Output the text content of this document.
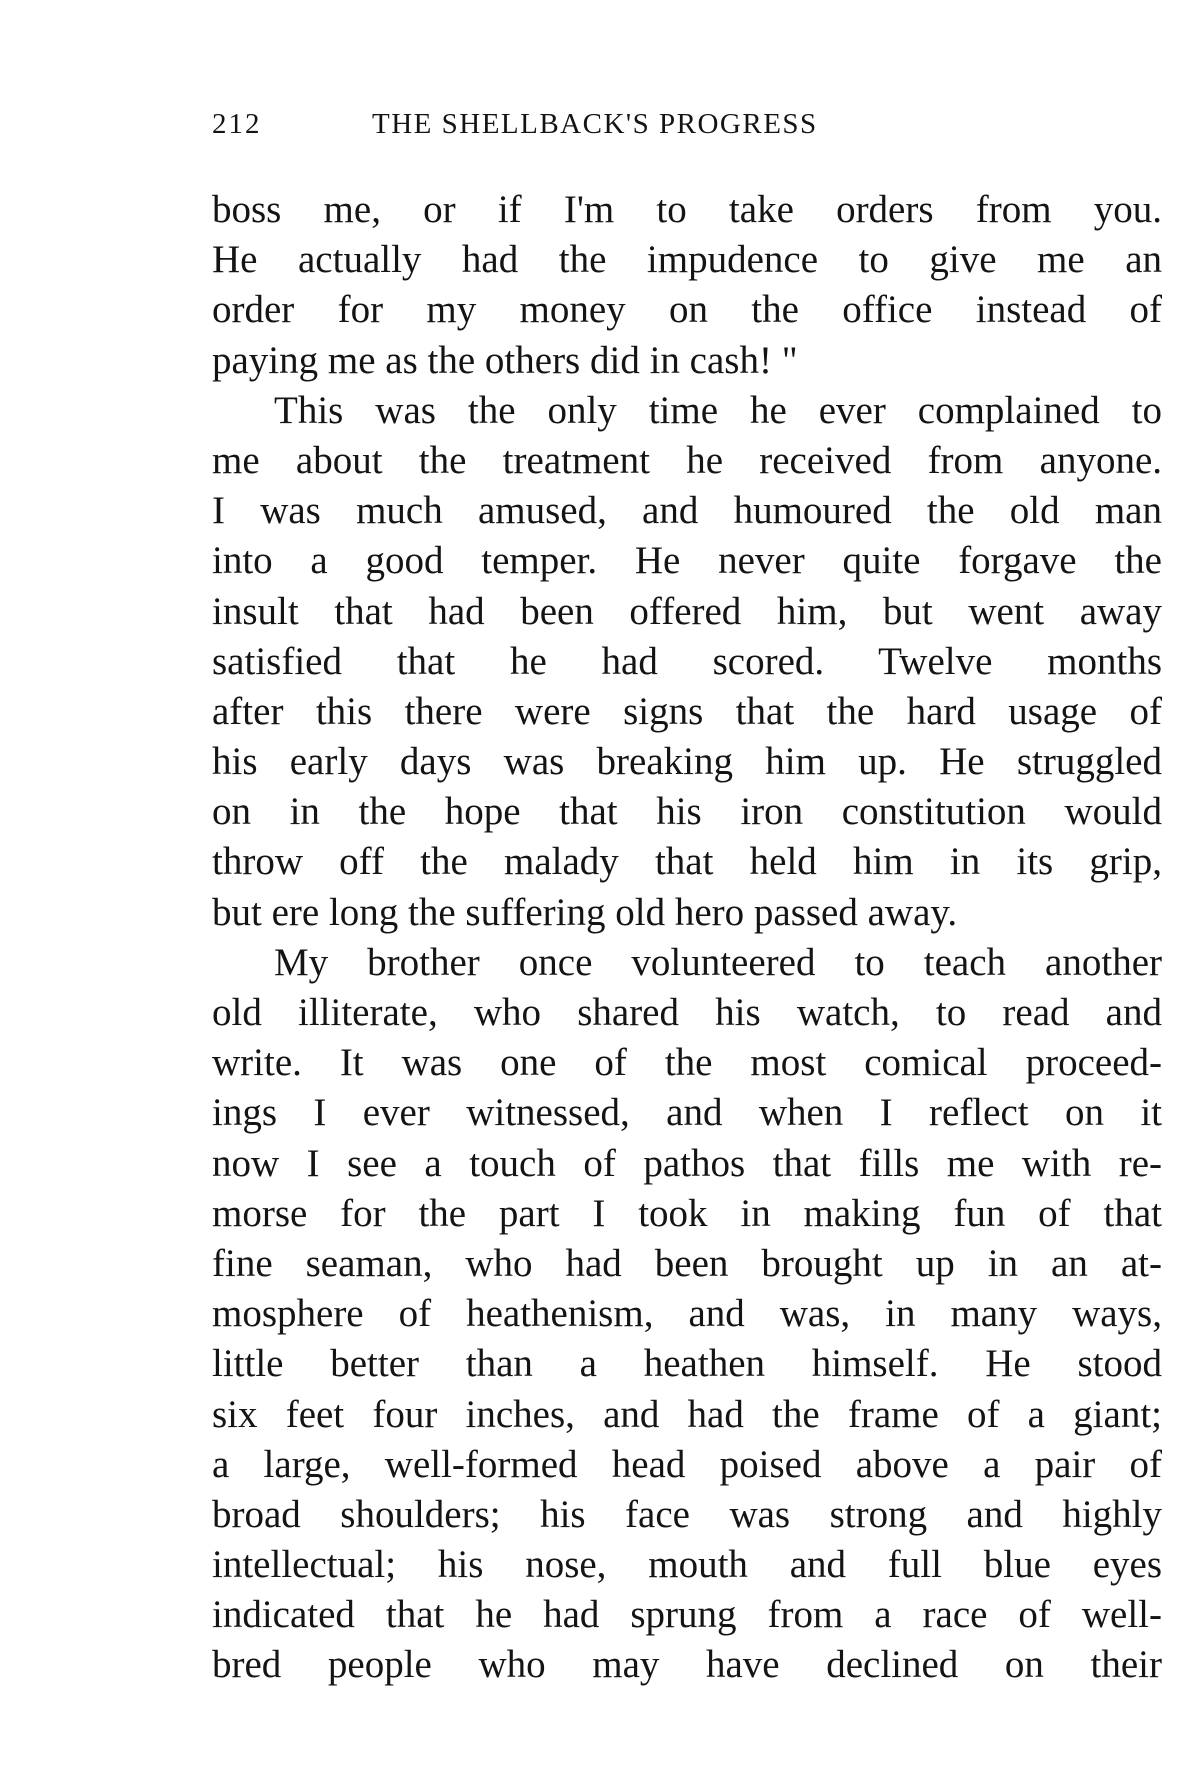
212	THE SHELLBACK'S PROGRESS
boss me, or if I'm to take orders from you.
He actually had the impudence to give me an
order for my money on the office instead of
paying me as the others did in cash! "
This was the only time he ever complained to
me about the treatment he received from anyone.
I was much amused, and humoured the old man
into a good temper. He never quite forgave the
insult that had been offered him, but went away
satisfied that he had scored. Twelve months
after this there were signs that the hard usage of
his early days was breaking him up. He struggled
on in the hope that his iron constitution would
throw off the malady that held him in its grip,
but ere long the suffering old hero passed away.
My brother once volunteered to teach another
old illiterate, who shared his watch, to read and
write. It was one of the most comical proceed-
ings I ever witnessed, and when I reflect on it
now I see a touch of pathos that fills me with re-
morse for the part I took in making fun of that
fine seaman, who had been brought up in an at-
mosphere of heathenism, and was, in many ways,
little better than a heathen himself. He stood
six feet four inches, and had the frame of a giant;
a large, well-formed head poised above a pair of
broad shoulders; his face was strong and highly
intellectual; his nose, mouth and full blue eyes
indicated that he had sprung from a race of well-
bred people who may have declined on their
